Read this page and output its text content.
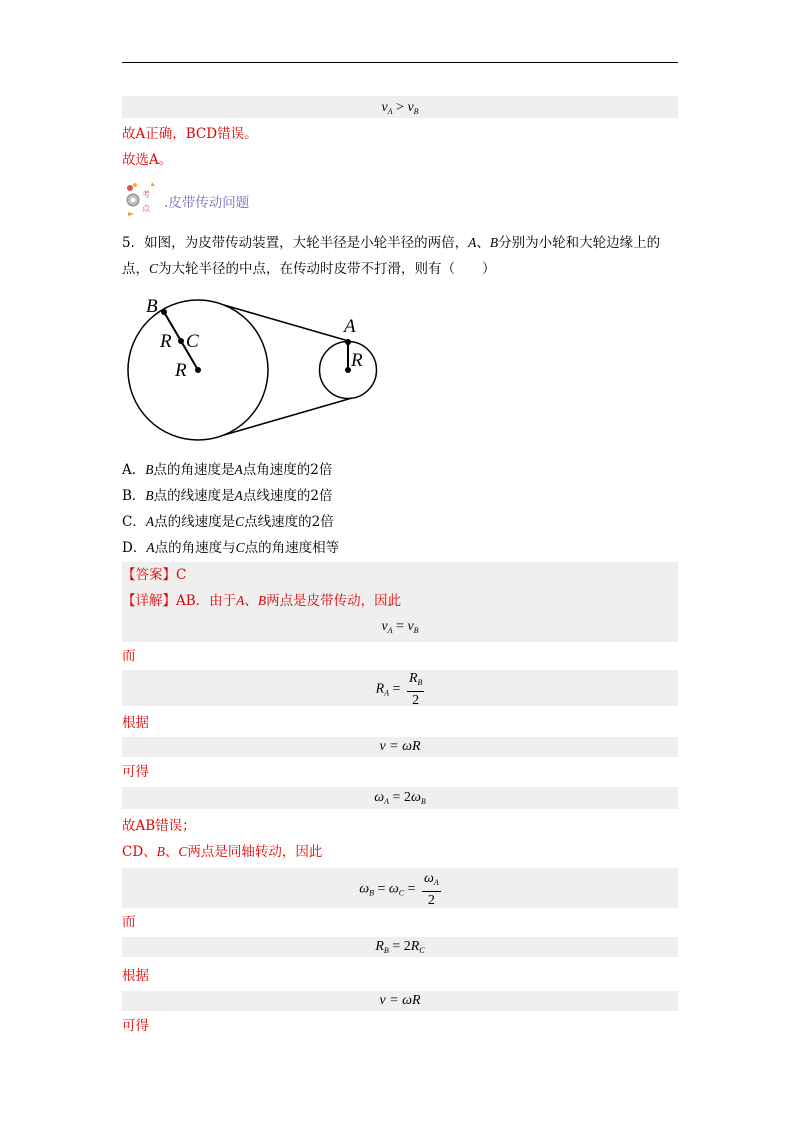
$v_A > v_B$
故A正确，BCD错误。
故选A。
考
点 .皮带传动问题
5．如图，为皮带传动装置，大轮半径是小轮半径的两倍，A、B分别为小轮和大轮边缘上的点，C为大轮半径的中点，在传动时皮带不打滑，则有（　　）
B
R C
R
A
R
A．B点的角速度是A点角速度的2倍
B．B点的线速度是A点线速度的2倍
C．A点的线速度是C点线速度的2倍
D．A点的角速度与C点的角速度相等
【答案】C
【详解】AB．由于A、B两点是皮带传动，因此
$v_A = v_B$
而
$R_A = \frac{R_B}{2}$
根据
v = ωR
可得
$\omega_A = 2\omega_B$
故AB错误；
CD、B、C两点是同轴转动，因此
$\omega_B = \omega_C = \frac{\omega_A}{2}$
而
$R_B = 2R_C$
根据
v = ωR
可得
